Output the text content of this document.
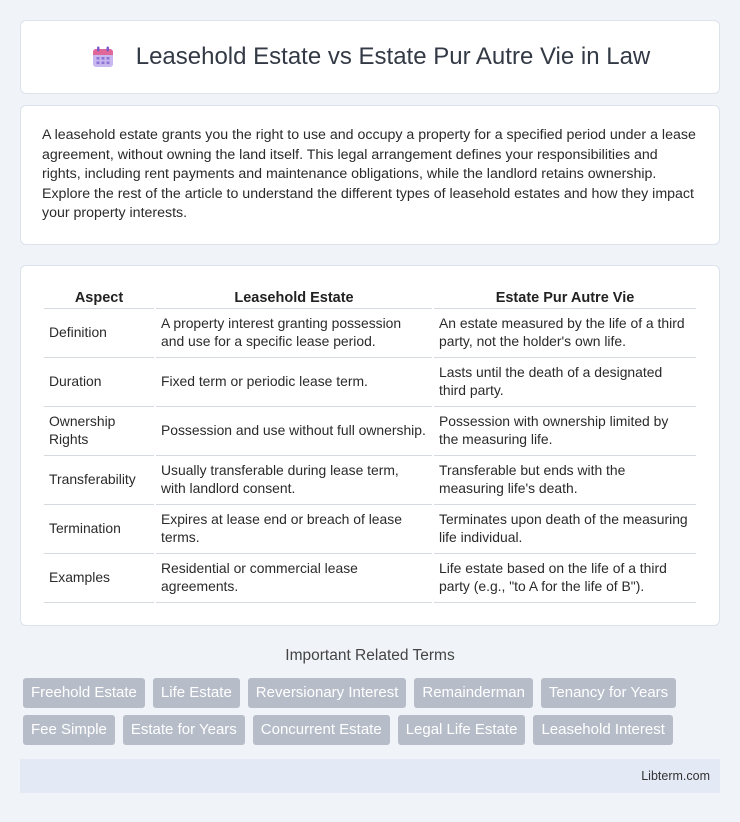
Leasehold Estate vs Estate Pur Autre Vie in Law

A leasehold estate grants you the right to use and occupy a property for a specified period under a lease agreement, without owning the land itself. This legal arrangement defines your responsibilities and rights, including rent payments and maintenance obligations, while the landlord retains ownership. Explore the rest of the article to understand the different types of leasehold estates and how they impact your property interests.

Aspect	Leasehold Estate	Estate Pur Autre Vie
Definition	A property interest granting possession and use for a specific lease period.	An estate measured by the life of a third party, not the holder's own life.
Duration	Fixed term or periodic lease term.	Lasts until the death of a designated third party.
Ownership Rights	Possession and use without full ownership.	Possession with ownership limited by the measuring life.
Transferability	Usually transferable during lease term, with landlord consent.	Transferable but ends with the measuring life's death.
Termination	Expires at lease end or breach of lease terms.	Terminates upon death of the measuring life individual.
Examples	Residential or commercial lease agreements.	Life estate based on the life of a third party (e.g., "to A for the life of B").
Important Related Terms
Freehold Estate	Life Estate	Reversionary Interest	Remainderman	Tenancy for Years
Fee Simple	Estate for Years	Concurrent Estate	Legal Life Estate	Leasehold Interest
Libterm.com
